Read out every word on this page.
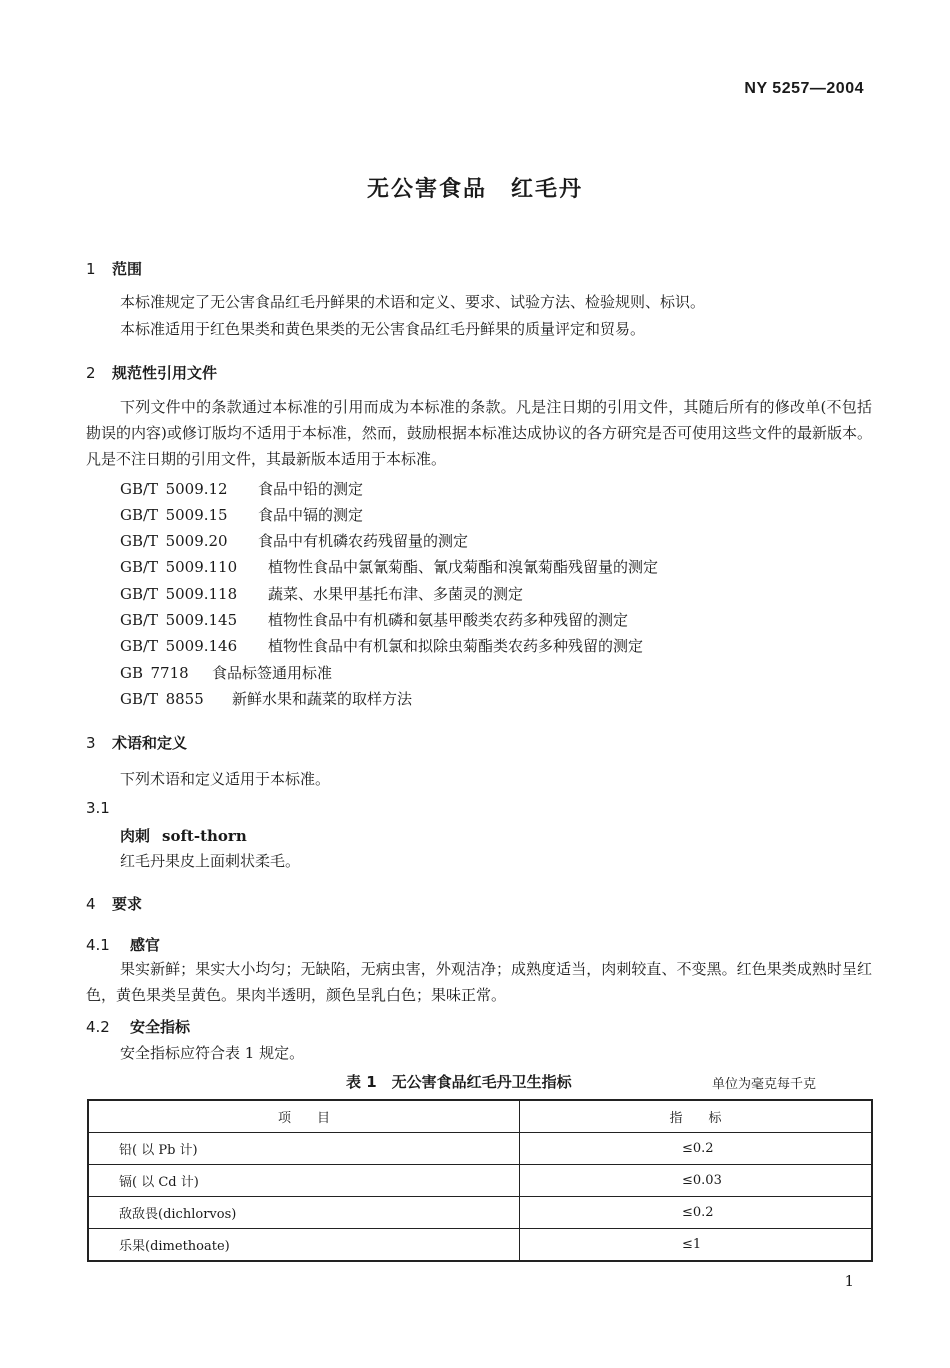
NY 5257—2004
无公害食品　红毛丹
1 范围
本标准规定了无公害食品红毛丹鲜果的术语和定义、要求、试验方法、检验规则、标识。
本标准适用于红色果类和黄色果类的无公害食品红毛丹鲜果的质量评定和贸易。
2 规范性引用文件
下列文件中的条款通过本标准的引用而成为本标准的条款。凡是注日期的引用文件，其随后所有的修改单(不包括勘误的内容)或修订版均不适用于本标准，然而，鼓励根据本标准达成协议的各方研究是否可使用这些文件的最新版本。凡是不注日期的引用文件，其最新版本适用于本标准。
GB/T 5009.12 食品中铅的测定
GB/T 5009.15 食品中镉的测定
GB/T 5009.20 食品中有机磷农药残留量的测定
GB/T 5009.110 植物性食品中氯氰菊酯、氰戊菊酯和溴氰菊酯残留量的测定
GB/T 5009.118 蔬菜、水果甲基托布津、多菌灵的测定
GB/T 5009.145 植物性食品中有机磷和氨基甲酸类农药多种残留的测定
GB/T 5009.146 植物性食品中有机氯和拟除虫菊酯类农药多种残留的测定
GB 7718 食品标签通用标准
GB/T 8855 新鲜水果和蔬菜的取样方法
3 术语和定义
下列术语和定义适用于本标准。
3.1
肉刺 soft-thorn
红毛丹果皮上面刺状柔毛。
4 要求
4.1 感官
果实新鲜；果实大小均匀；无缺陷，无病虫害，外观洁净；成熟度适当，肉刺较直、不变黑。红色果类成熟时呈红色，黄色果类呈黄色。果肉半透明，颜色呈乳白色；果味正常。
4.2 安全指标
安全指标应符合表 1 规定。
表 1　无公害食品红毛丹卫生指标	单位为毫克每千克
项　　目	指　　标
铅( 以 Pb 计)	≤0.2
镉( 以 Cd 计)	≤0.03
敌敌畏(dichlorvos)	≤0.2
乐果(dimethoate)	≤1
1
